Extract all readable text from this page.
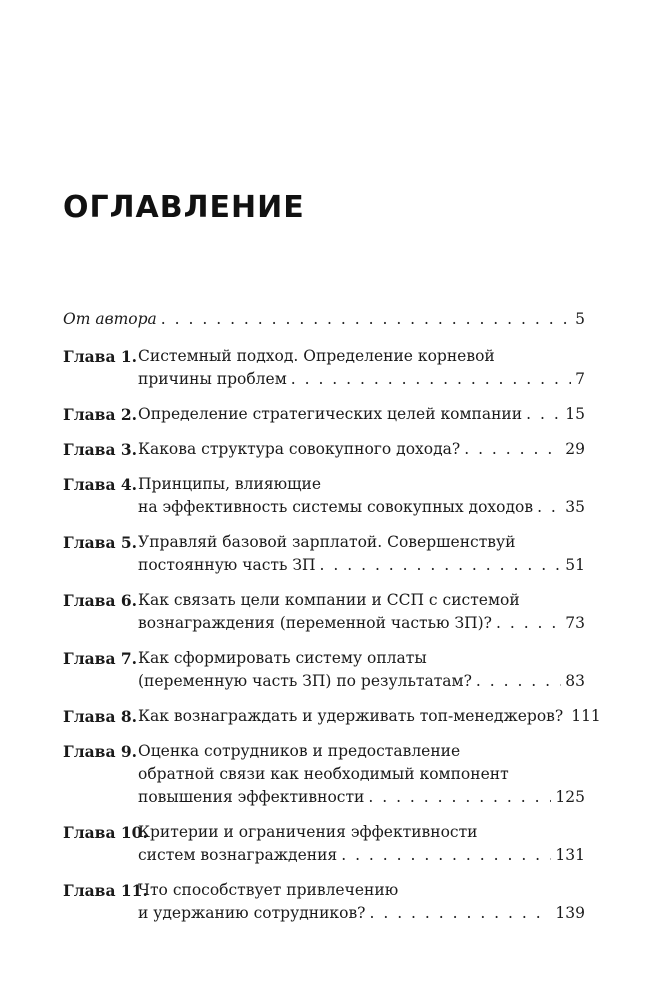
ОГЛАВЛЕНИЕ
От автора . . .	5
Глава 1. Системный подход. Определение корневой
причины проблем . . .	7
Глава 2. Определение стратегических целей компании . . .	15
Глава 3. Какова структура совокупного дохода? . . .	29
Глава 4. Принципы, влияющие
на эффективность системы совокупных доходов . . . 35
Глава 5. Управляй базовой зарплатой. Совершенствуй
постоянную часть ЗП . . .	51
Глава 6. Как связать цели компании и ССП с системой
вознаграждения (переменной частью ЗП)? . . .	73
Глава 7. Как сформировать систему оплаты
(переменную часть ЗП) по результатам? . . .	83
Глава 8. Как вознаграждать и удерживать топ-менеджеров? 111
Глава 9. Оценка сотрудников и предоставление
обратной связи как необходимый компонент
повышения эффективности . . .	125
Глава 10.
Критерии и ограничения эффективности
систем вознаграждения . . .	131
Глава 11.
Что способствует привлечению
и удержанию сотрудников? . . .	139
